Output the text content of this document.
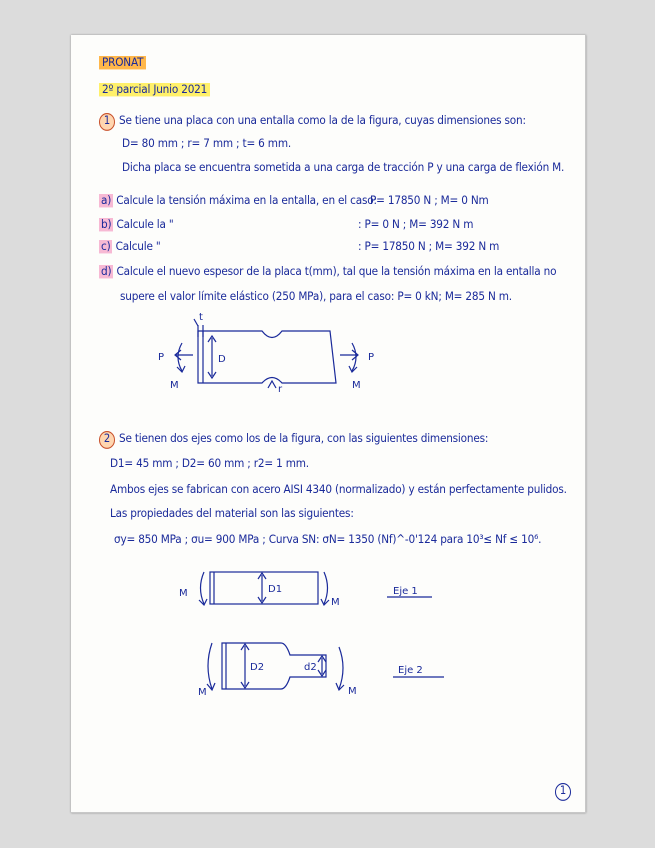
PRONAT
2º parcial Junio 2021
1 Se tiene una placa con una entalla como la de la figura, cuyas dimensiones son:
D= 80 mm ; r= 7 mm ; t= 6 mm.
Dicha placa se encuentra sometida a una carga de tracción P y una carga de flexión M.
a) Calcule la tensión máxima en la entalla, en el caso:
P= 17850 N ; M= 0 Nm
b) Calcule la "	: P= 0 N ; M= 392 N m
c) Calcule "	: P= 17850 N ; M= 392 N m
d) Calcule el nuevo espesor de la placa t(mm), tal que la tensión máxima en la entalla no
supere el valor límite elástico (250 MPa), para el caso: P= 0 kN; M= 285 N m.
P	P
M	M
D
t
r
2 Se tienen dos ejes como los de la figura, con las siguientes dimensiones:
D1= 45 mm ; D2= 60 mm ; r2= 1 mm.
Ambos ejes se fabrican con acero AISI 4340 (normalizado) y están perfectamente pulidos.
Las propiedades del material son las siguientes:
σy= 850 MPa ; σu= 900 MPa ; Curva SN: σN= 1350 (Nf)^-0'124 para 10³≤ Nf ≤ 10⁶.
D1
M
M
Eje 1
D2	d2
M	M
Eje 2
1
